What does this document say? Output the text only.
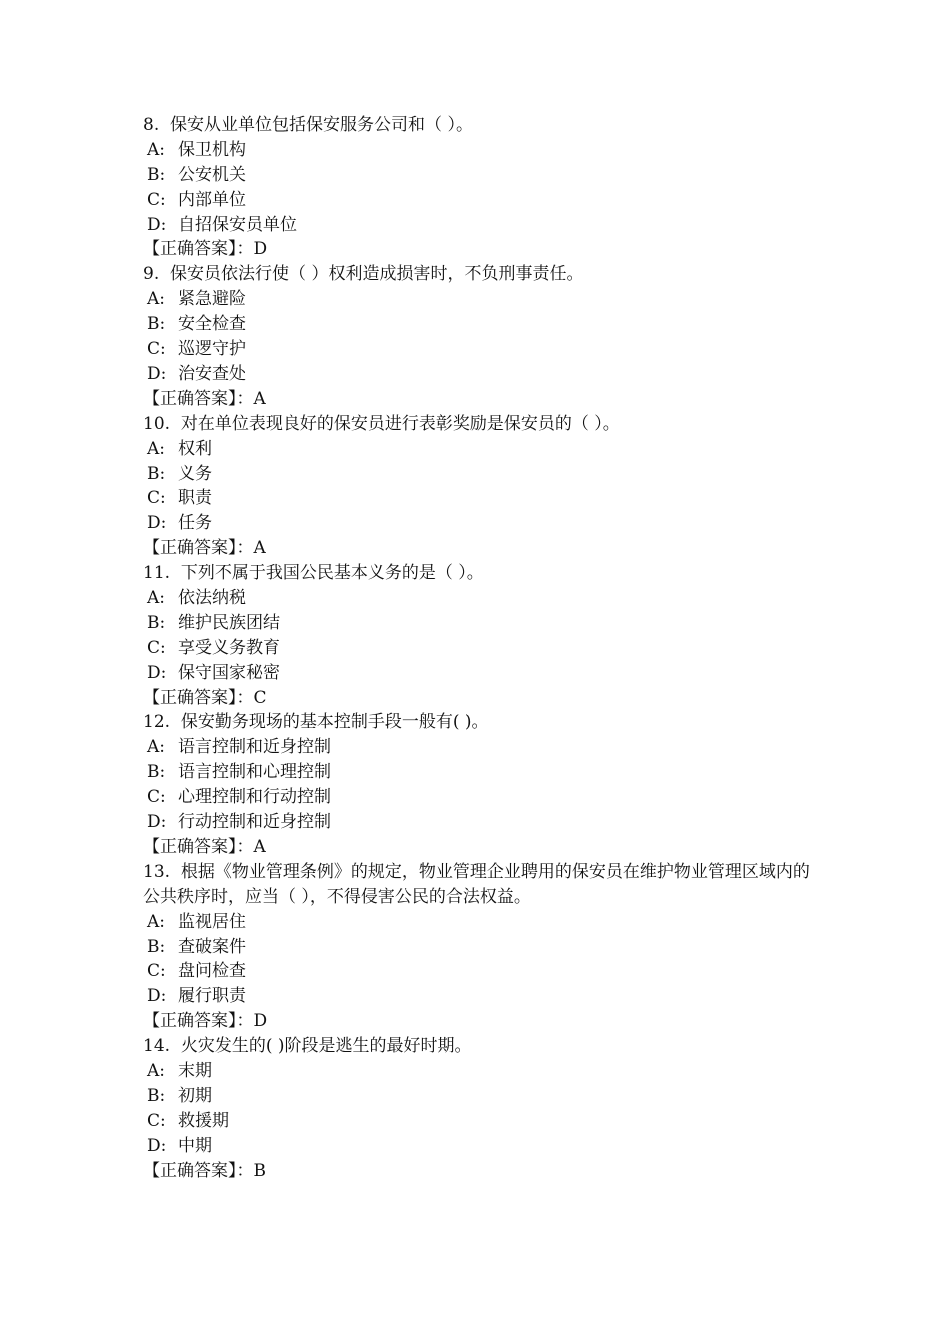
8. 保安从业单位包括保安服务公司和（ ）。
A: 保卫机构
B: 公安机关
C: 内部单位
D: 自招保安员单位
【正确答案】：D
9. 保安员依法行使（ ）权利造成损害时，不负刑事责任。
A: 紧急避险
B: 安全检查
C: 巡逻守护
D: 治安查处
【正确答案】：A
10. 对在单位表现良好的保安员进行表彰奖励是保安员的（ ）。
A: 权利
B: 义务
C: 职责
D: 任务
【正确答案】：A
11. 下列不属于我国公民基本义务的是（ ）。
A: 依法纳税
B: 维护民族团结
C: 享受义务教育
D: 保守国家秘密
【正确答案】：C
12. 保安勤务现场的基本控制手段一般有( )。
A: 语言控制和近身控制
B: 语言控制和心理控制
C: 心理控制和行动控制
D: 行动控制和近身控制
【正确答案】：A
13. 根据《物业管理条例》的规定，物业管理企业聘用的保安员在维护物业管理区域内的公共秩序时，应当（ ），不得侵害公民的合法权益。
A: 监视居住
B: 查破案件
C: 盘问检查
D: 履行职责
【正确答案】：D
14. 火灾发生的( )阶段是逃生的最好时期。
A: 末期
B: 初期
C: 救援期
D: 中期
【正确答案】：B
